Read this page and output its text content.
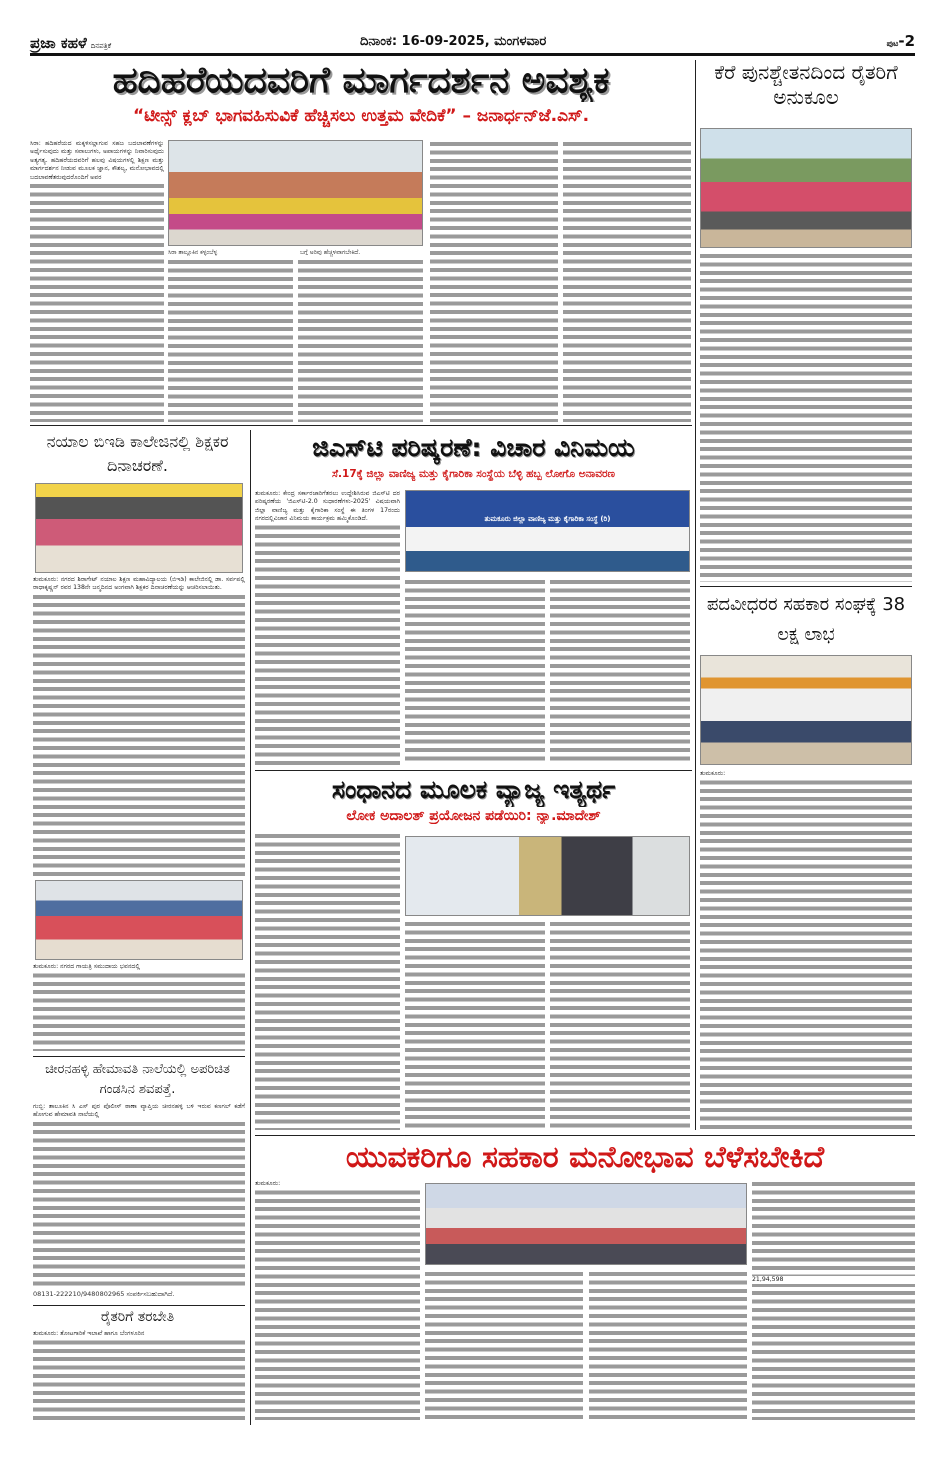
ಪ್ರಜಾ ಕಹಳೆ ದಿನಪತ್ರಿಕೆ	ದಿನಾಂಕ: 16-09-2025, ಮಂಗಳವಾರ	ಪುಟ-2
ಹದಿಹರೆಯದವರಿಗೆ ಮಾರ್ಗದರ್ಶನ ಅವಶ್ಯಕ
“ಟೀನ್ಸ್ ಕ್ಲಬ್ ಭಾಗವಹಿಸುವಿಕೆ ಹೆಚ್ಚಿಸಲು ಉತ್ತಮ ವೇದಿಕೆ” – ಜನಾರ್ಧನ್‌ಜೆ.ಎಸ್.
ಸಿರಾ: ಹದಿಹರೆಯದ ಮಕ್ಕಳಿಸಲ್ಲಾಗುವ ಸಹಜ ಬದಲಾವಣೆಗಳನ್ನು ಅರ್ಥೈಸುವುದು ಮತ್ತು ಸವಾಲುಗಳು, ಅಪಾಯಗಳನ್ನು ನಿವಾರಿಸುವುದು ಅತ್ಯಗತ್ಯ. ಹದಿಹರೆಯದವರಿಗೆ ಹಲವು ವಿಷಯಗಳಲ್ಲಿ ಶಿಕ್ಷಣ ಮತ್ತು ಮಾರ್ಗದರ್ಶನ ನೀಡುವ ಮೂಲಕ ಜ್ಞಾನ, ಕೌಶಲ್ಯ, ಮನೋಭಾವದಲ್ಲಿ ಬದಲಾವಣೆತರುವುದರೊಂದಿಗೆ ಅವರ
ಸಿರಾ ತಾಲ್ಲೂಕಿನ ಕಳ್ಳಂಬೆಳ್ಳ	ಬಗ್ಗೆ ಅರಿವು ಹೆಚ್ಚಳವಾಗಬೇಕಿದೆ.
ಕೆರೆ ಪುನಶ್ಚೇತನದಿಂದ ರೈತರಿಗೆ ಅನುಕೂಲ
ಪದವೀಧರರ ಸಹಕಾರ ಸಂಘಕ್ಕೆ 38 ಲಕ್ಷ ಲಾಭ
ತುಮಕೂರು:
ನಯಾಲ ಬಿಇಡಿ ಕಾಲೇಜಿನಲ್ಲಿ ಶಿಕ್ಷಕರ ದಿನಾಚರಣೆ.
ತುಮಕೂರು: ನಗರದ ಶಿರಾಗೇಟ್ ನಯಾಲ ಶಿಕ್ಷಣ ಮಹಾವಿದ್ಯಾಲಯ (ಬಿಇಡಿ) ಕಾಲೇಜಿನಲ್ಲಿ ಡಾ. ಸರ್ವಪಲ್ಲಿ ರಾಧಾಕೃಷ್ಣನ್ ರವರ 138ನೇ ಜನ್ಮದಿನದ ಅಂಗವಾಗಿ ಶಿಕ್ಷಕರ ದಿನಾಚರಣೆಯನ್ನು ಆಚರಿಸಲಾಯಿತು.
ತುಮಕೂರು: ನಗರದ ಗಾಯತ್ರಿ ಸಮುದಾಯ ಭವನದಲ್ಲಿ
ಚೀರನಹಳ್ಳಿ ಹೇಮಾವತಿ ನಾಲೆಯಲ್ಲಿ ಅಪರಿಚಿತ ಗಂಡಸಿನ ಶವಪತ್ತೆ.
ಗುಬ್ಬಿ: ತಾಲೂಕಿನ ಸಿ ಎಸ್ ಪುರ ಪೊಲೀಸ್ ಠಾಣಾ ವ್ಯಾಪ್ತಿಯ ಚೀರನಹಳ್ಳಿ ಬಳಿ ಇರುವ ಕಣಗಲ್ ಕಡೆಗೆ ಹೋಗುವ ಹೇಮಾವತಿ ನಾಲೆಯಲ್ಲಿ
08131-222210/9480802965 ಸಂಪರ್ಕಿಸಬಹುದಾಗಿದೆ.
ರೈತರಿಗೆ ತರಬೇತಿ
ತುಮಕೂರು: ತೋಟಗಾರಿಕೆ ಇಲಾಖೆ ಹಾಗೂ ಬೆಂಗಳೂರಿನ
ಜಿಎಸ್‌ಟಿ ಪರಿಷ್ಕರಣೆ: ವಿಚಾರ ವಿನಿಮಯ
ಸೆ.17ಕ್ಕೆ ಜಿಲ್ಲಾ ವಾಣಿಜ್ಯ ಮತ್ತು ಕೈಗಾರಿಕಾ ಸಂಸ್ಥೆಯ ಬೆಳ್ಳಿ ಹಬ್ಬ ಲೋಗೊ ಅನಾವರಣ
ತುಮಕೂರು: ಕೇಂದ್ರ ಸರ್ಕಾರಜಾರಿಗೆತರಲು ಉದ್ದೇಶಿಸಿರುವ ಜಿಎಸ್‌ಟಿ ದರ ಪರಿಷ್ಕರಣೆಯ 'ಜಿಎಸ್‌ಟಿ-2.0 ಸುಧಾರಣೆಗಳು-2025' ವಿಷಯವಾಗಿ ಜಿಲ್ಲಾ ವಾಣಿಜ್ಯ ಮತ್ತು ಕೈಗಾರಿಕಾ ಸಂಸ್ಥೆ ಈ ತಿಂಗಳ 17ರಂದು ನಗರದಲ್ಲಿವಿಚಾರ ವಿನಿಮಯ ಕಾರ್ಯಕ್ರಮ ಹಮ್ಮಿಕೊಂಡಿದೆ.	ತುಮಕೂರು ಜಿಲ್ಲಾ ವಾಣಿಜ್ಯ ಮತ್ತು ಕೈಗಾರಿಕಾ ಸಂಸ್ಥೆ (ರಿ)
ಸಂಧಾನದ ಮೂಲಕ ವ್ಯಾಜ್ಯ ಇತ್ಯರ್ಥ
ಲೋಕ ಅದಾಲತ್ ಪ್ರಯೋಜನ ಪಡೆಯಿರಿ: ನ್ಯಾ.ಮಾದೇಶ್
ಯುವಕರಿಗೂ ಸಹಕಾರ ಮನೋಭಾವ ಬೆಳೆಸಬೇಕಿದೆ
ತುಮಕೂರು:
21,94,598
